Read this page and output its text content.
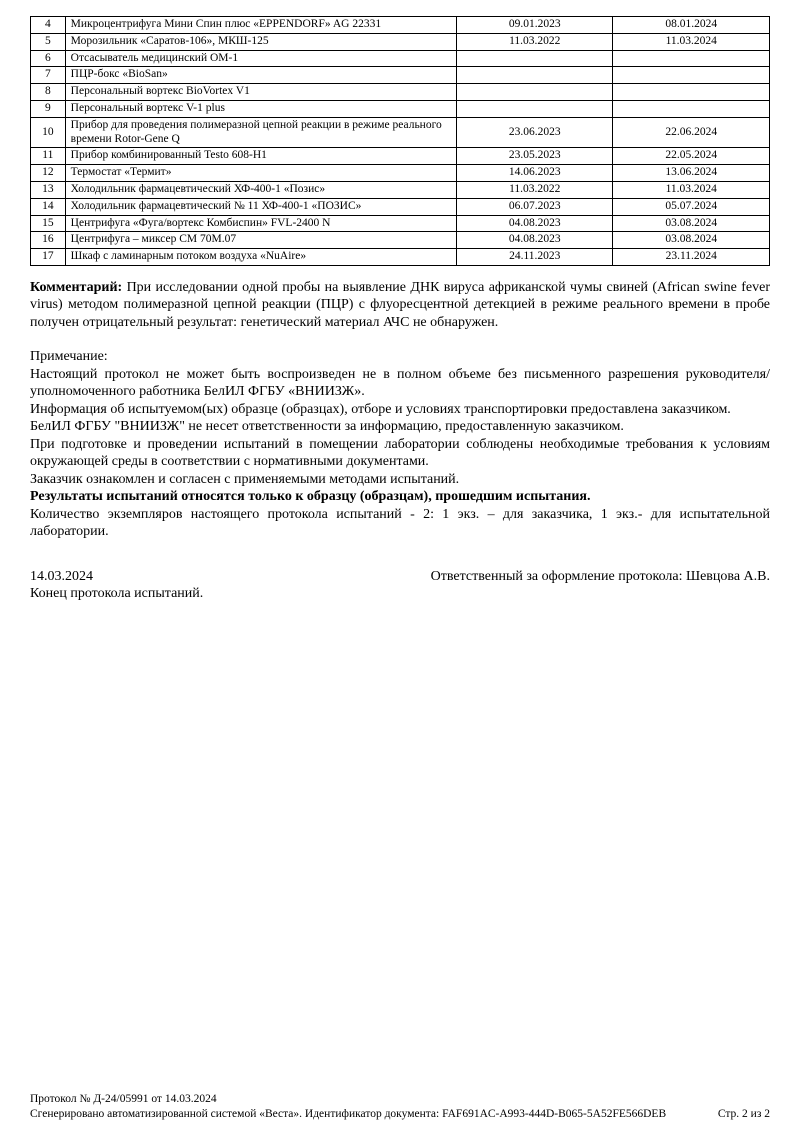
4	Микроцентрифуга Мини Спин плюс «EPPENDORF» AG 22331	09.01.2023	08.01.2024
5	Морозильник «Саратов-106», МКШ-125	11.03.2022	11.03.2024
6	Отсасыватель медицинский ОМ-1		
7	ПЦР-бокс «BioSan»		
8	Персональный вортекс BioVortex V1		
9	Персональный вортекс V-1 plus		
10	Прибор для проведения полимеразной цепной реакции в режиме реального времени Rotor-Gene Q	23.06.2023	22.06.2024
11	Прибор комбинированный Testo 608-H1	23.05.2023	22.05.2024
12	Термостат «Термит»	14.06.2023	13.06.2024
13	Холодильник фармацевтический ХФ-400-1 «Позис»	11.03.2022	11.03.2024
14	Холодильник фармацевтический № 11 ХФ-400-1 «ПОЗИС»	06.07.2023	05.07.2024
15	Центрифуга «Фуга/вортекс Комбиспин» FVL-2400 N	04.08.2023	03.08.2024
16	Центрифуга – миксер СМ 70М.07	04.08.2023	03.08.2024
17	Шкаф с ламинарным потоком воздуха «NuAire»	24.11.2023	23.11.2024
Комментарий: При исследовании одной пробы на выявление ДНК вируса африканской чумы свиней (African swine fever virus) методом полимеразной цепной реакции (ПЦР) с флуоресцентной детекцией в режиме реального времени в пробе получен отрицательный результат: генетический материал АЧС не обнаружен.
Примечание:
Настоящий протокол не может быть воспроизведен не в полном объеме без письменного разрешения руководителя/уполномоченного работника БелИЛ ФГБУ «ВНИИЗЖ».
Информация об испытуемом(ых) образце (образцах), отборе и условиях транспортировки предоставлена заказчиком.
БелИЛ ФГБУ "ВНИИЗЖ" не несет ответственности за информацию, предоставленную заказчиком.
При подготовке и проведении испытаний в помещении лаборатории соблюдены необходимые требования к условиям окружающей среды в соответствии с нормативными документами.
Заказчик ознакомлен и согласен с применяемыми методами испытаний.
Результаты испытаний относятся только к образцу (образцам), прошедшим испытания.
Количество экземпляров настоящего протокола испытаний - 2: 1 экз. – для заказчика, 1 экз.- для испытательной лаборатории.
14.03.2024	Ответственный за оформление протокола: Шевцова А.В.
Конец протокола испытаний.
Протокол № Д-24/05991 от 14.03.2024
Сгенерировано автоматизированной системой «Веста». Идентификатор документа: FAF691AC-A993-444D-B065-5A52FE566DEB	Стр. 2 из 2
